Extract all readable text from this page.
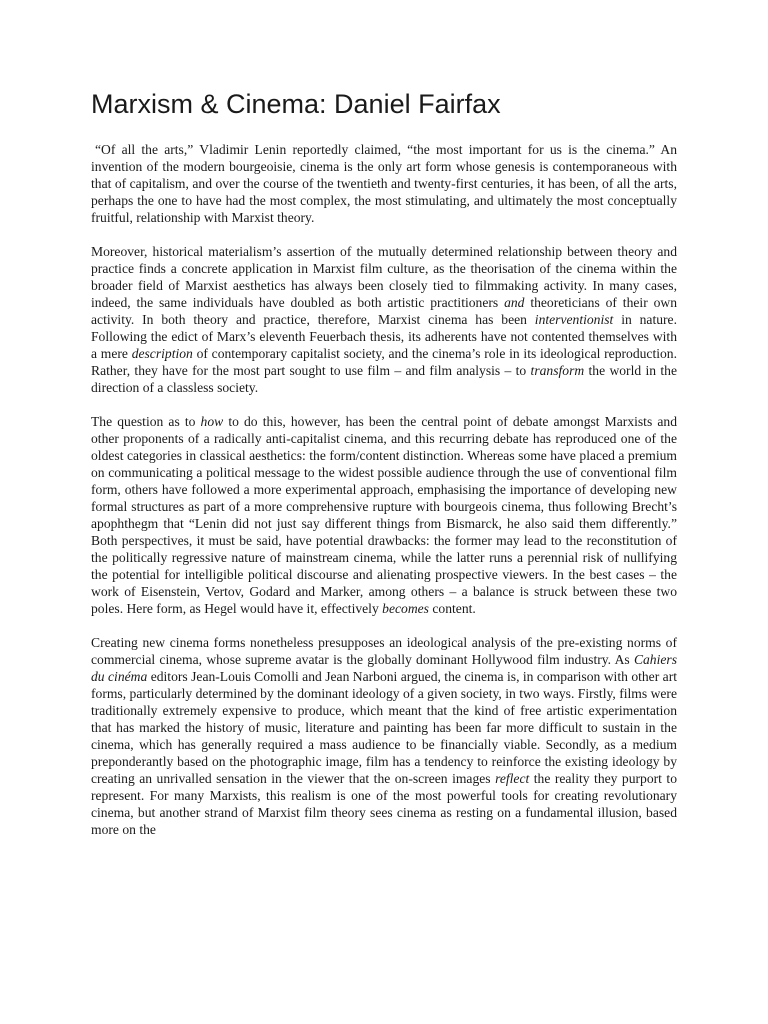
Marxism & Cinema: Daniel Fairfax

“Of all the arts,” Vladimir Lenin reportedly claimed, “the most important for us is the cinema.” An invention of the modern bourgeoisie, cinema is the only art form whose genesis is contemporaneous with that of capitalism, and over the course of the twentieth and twenty-first centuries, it has been, of all the arts, perhaps the one to have had the most complex, the most stimulating, and ultimately the most conceptually fruitful, relationship with Marxist theory.

Moreover, historical materialism’s assertion of the mutually determined relationship between theory and practice finds a concrete application in Marxist film culture, as the theorisation of the cinema within the broader field of Marxist aesthetics has always been closely tied to filmmaking activity. In many cases, indeed, the same individuals have doubled as both artistic practitioners and theoreticians of their own activity. In both theory and practice, therefore, Marxist cinema has been interventionist in nature. Following the edict of Marx’s eleventh Feuerbach thesis, its adherents have not contented themselves with a mere description of contemporary capitalist society, and the cinema’s role in its ideological reproduction. Rather, they have for the most part sought to use film – and film analysis – to transform the world in the direction of a classless society.

The question as to how to do this, however, has been the central point of debate amongst Marxists and other proponents of a radically anti-capitalist cinema, and this recurring debate has reproduced one of the oldest categories in classical aesthetics: the form/content distinction. Whereas some have placed a premium on communicating a political message to the widest possible audience through the use of conventional film form, others have followed a more experimental approach, emphasising the importance of developing new formal structures as part of a more comprehensive rupture with bourgeois cinema, thus following Brecht’s apophthegm that “Lenin did not just say different things from Bismarck, he also said them differently.” Both perspectives, it must be said, have potential drawbacks: the former may lead to the reconstitution of the politically regressive nature of mainstream cinema, while the latter runs a perennial risk of nullifying the potential for intelligible political discourse and alienating prospective viewers. In the best cases – the work of Eisenstein, Vertov, Godard and Marker, among others – a balance is struck between these two poles. Here form, as Hegel would have it, effectively becomes content.

Creating new cinema forms nonetheless presupposes an ideological analysis of the pre-existing norms of commercial cinema, whose supreme avatar is the globally dominant Hollywood film industry. As Cahiers du cinéma editors Jean-Louis Comolli and Jean Narboni argued, the cinema is, in comparison with other art forms, particularly determined by the dominant ideology of a given society, in two ways. Firstly, films were traditionally extremely expensive to produce, which meant that the kind of free artistic experimentation that has marked the history of music, literature and painting has been far more difficult to sustain in the cinema, which has generally required a mass audience to be financially viable. Secondly, as a medium preponderantly based on the photographic image, film has a tendency to reinforce the existing ideology by creating an unrivalled sensation in the viewer that the on-screen images reflect the reality they purport to represent. For many Marxists, this realism is one of the most powerful tools for creating revolutionary cinema, but another strand of Marxist film theory sees cinema as resting on a fundamental illusion, based more on the
